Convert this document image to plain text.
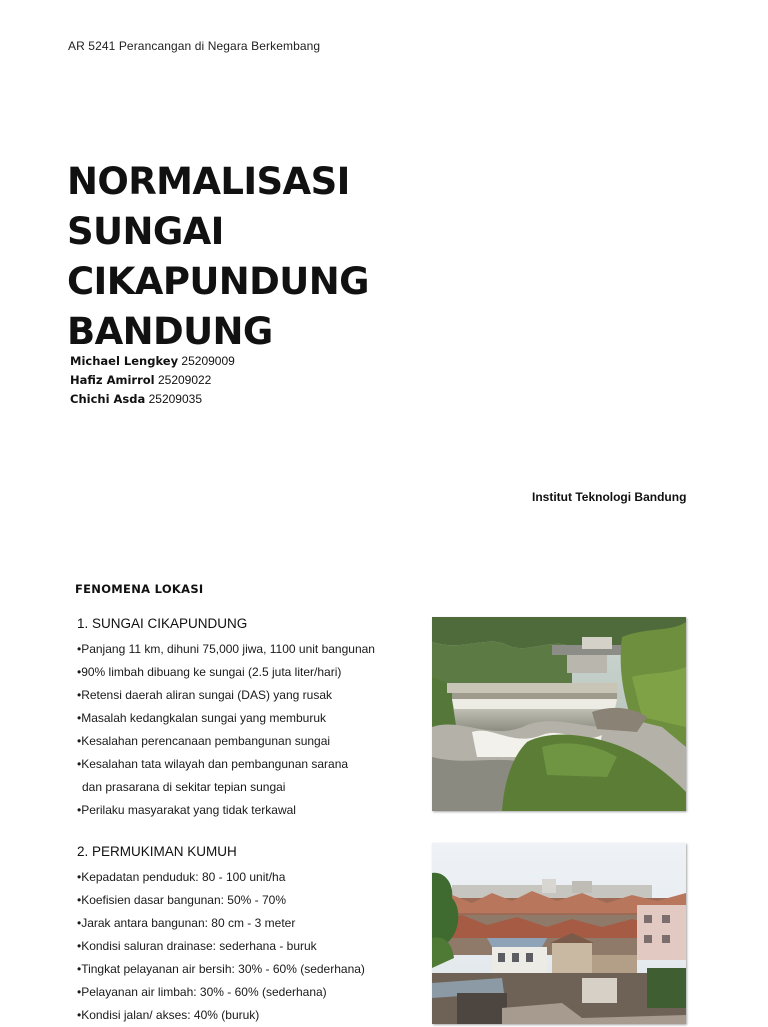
AR 5241 Perancangan di Negara Berkembang
NORMALISASI
SUNGAI
CIKAPUNDUNG
BANDUNG
Michael Lengkey 25209009
Hafiz Amirrol 25209022
Chichi Asda 25209035
Institut Teknologi Bandung
FENOMENA LOKASI
1. SUNGAI CIKAPUNDUNG
•Panjang 11 km, dihuni 75,000 jiwa, 1100 unit bangunan
•90% limbah dibuang ke sungai (2.5 juta liter/hari)
•Retensi daerah aliran sungai (DAS) yang rusak
•Masalah kedangkalan sungai yang memburuk
•Kesalahan perencanaan pembangunan sungai
•Kesalahan tata wilayah dan pembangunan sarana
dan prasarana di sekitar tepian sungai
•Perilaku masyarakat yang tidak terkawal
2. PERMUKIMAN KUMUH
•Kepadatan penduduk: 80 - 100 unit/ha
•Koefisien dasar bangunan: 50% - 70%
•Jarak antara bangunan: 80 cm - 3 meter
•Kondisi saluran drainase: sederhana - buruk
•Tingkat pelayanan air bersih: 30% - 60% (sederhana)
•Pelayanan air limbah: 30% - 60% (sederhana)
•Kondisi jalan/ akses: 40% (buruk)
